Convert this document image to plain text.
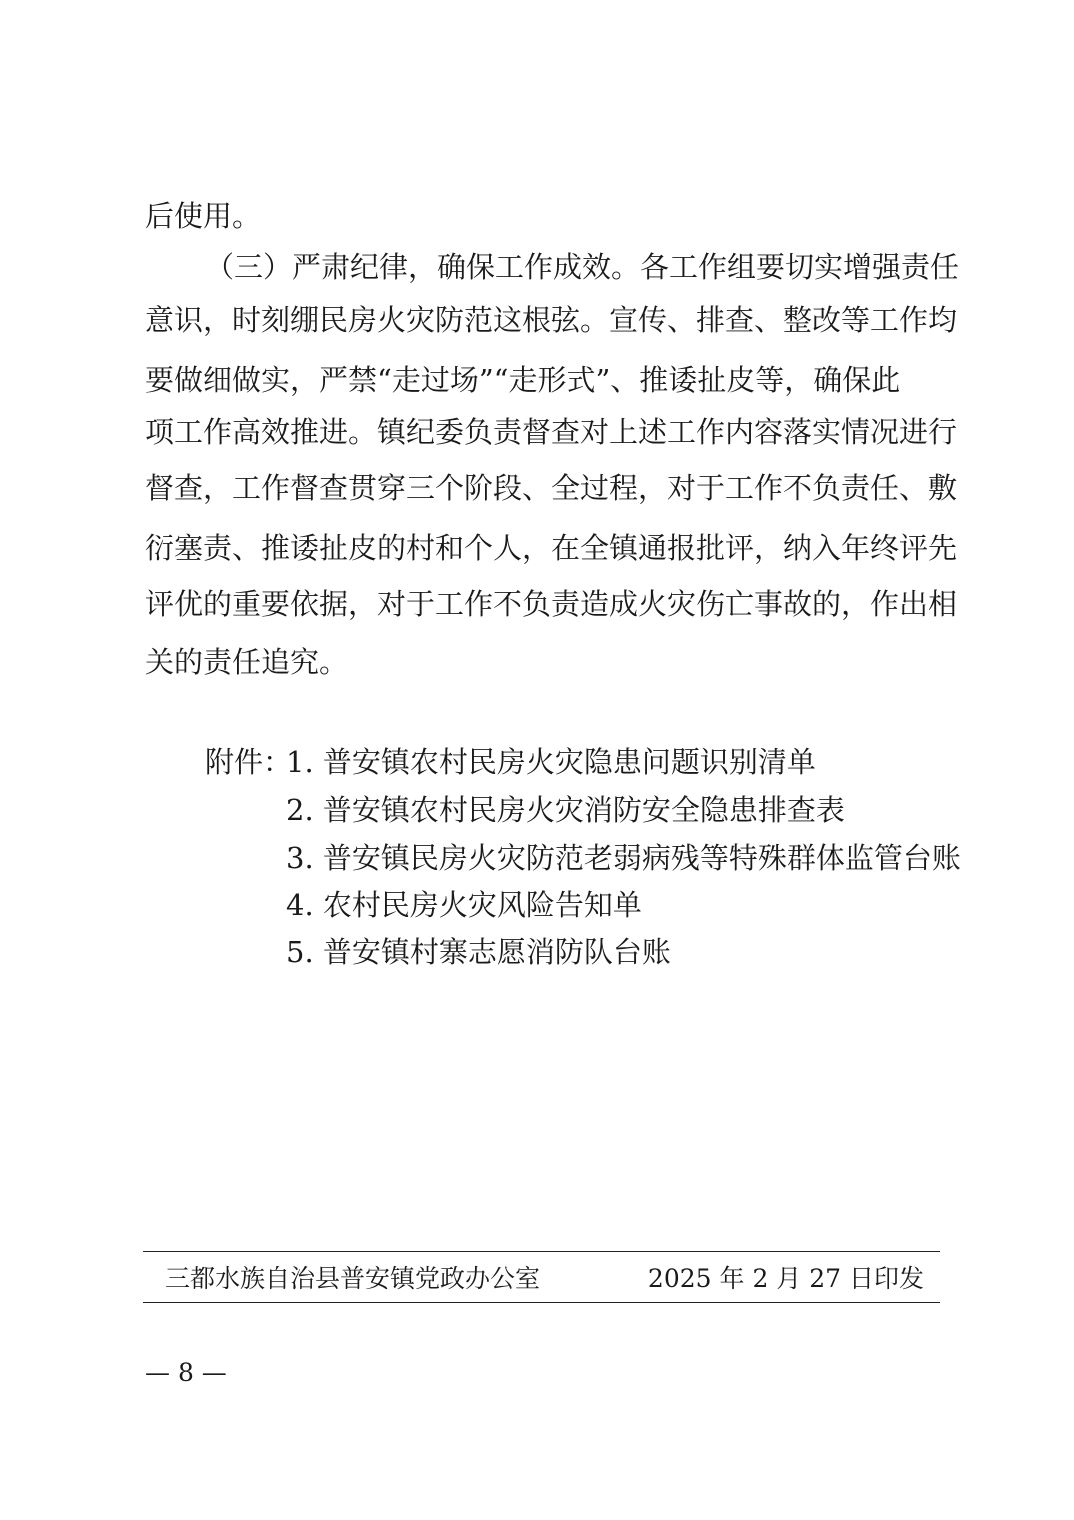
后使用。
（三）严肃纪律，确保工作成效。各工作组要切实增强责任
意识，时刻绷民房火灾防范这根弦。宣传、排查、整改等工作均
要做细做实，严禁“走过场”“走形式”、推诿扯皮等，确保此
项工作高效推进。镇纪委负责督查对上述工作内容落实情况进行
督查，工作督查贯穿三个阶段、全过程，对于工作不负责任、敷
衍塞责、推诿扯皮的村和个人，在全镇通报批评，纳入年终评先
评优的重要依据，对于工作不负责造成火灾伤亡事故的，作出相
关的责任追究。
附件：
1. 普安镇农村民房火灾隐患问题识别清单
2. 普安镇农村民房火灾消防安全隐患排查表
3. 普安镇民房火灾防范老弱病残等特殊群体监管台账
4. 农村民房火灾风险告知单
5. 普安镇村寨志愿消防队台账
三都水族自治县普安镇党政办公室	2025 年 2 月 27 日印发
— 8 —
